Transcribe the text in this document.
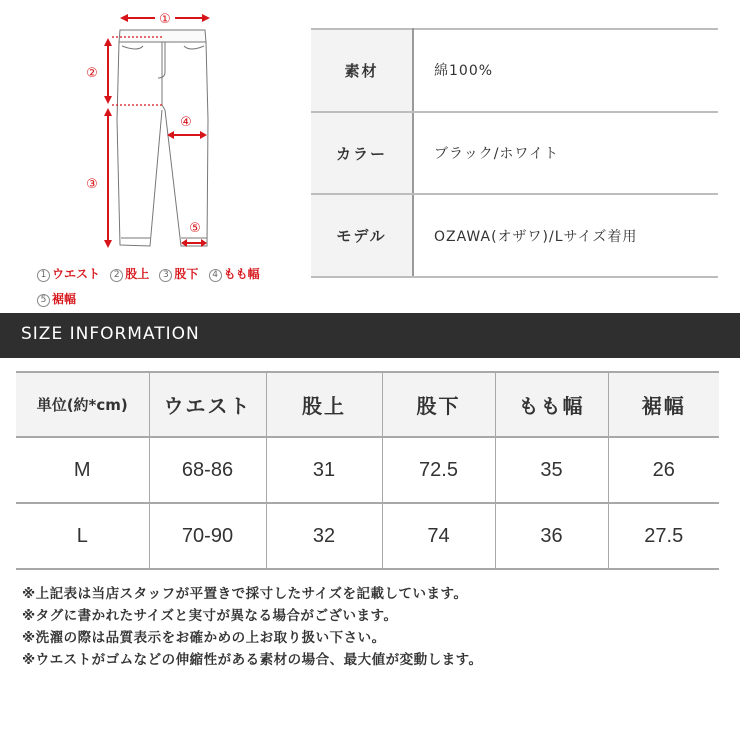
①
②
③
④
⑤
1 ウエスト 2 股上 3 股下 4 もも幅 5 裾幅
素材	綿100%
カラー	ブラック/ホワイト
モデル	OZAWA(オザワ)/Lサイズ着用
SIZE INFORMATION
単位(約*cm)	ウエスト	股上	股下	もも幅	裾幅
M	68-86	31	72.5	35	26
L	70-90	32	74	36	27.5
※上記表は当店スタッフが平置きで採寸したサイズを記載しています。
※タグに書かれたサイズと実寸が異なる場合がございます。
※洗濯の際は品質表示をお確かめの上お取り扱い下さい。
※ウエストがゴムなどの伸縮性がある素材の場合、最大値が変動します。
